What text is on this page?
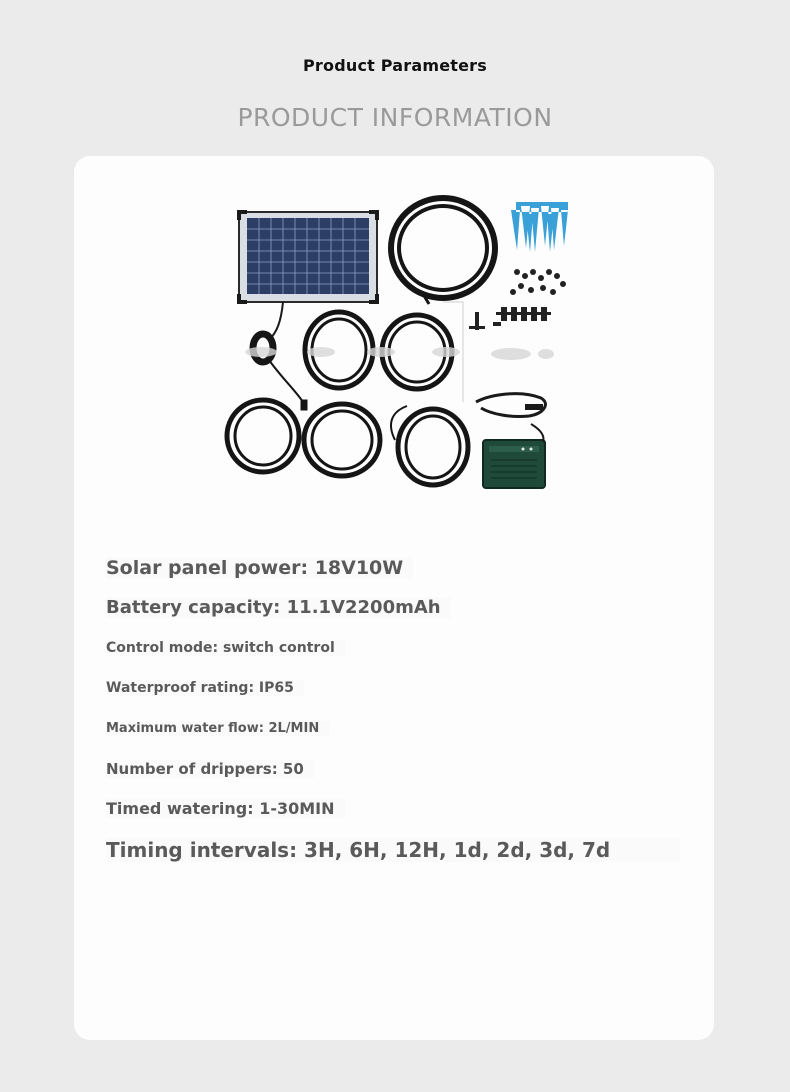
Product Parameters
PRODUCT INFORMATION
Solar panel power: 18V10W
Battery capacity: 11.1V2200mAh
Control mode: switch control
Waterproof rating: IP65
Maximum water flow: 2L/MIN
Number of drippers: 50
Timed watering: 1-30MIN
Timing intervals: 3H, 6H, 12H, 1d, 2d, 3d, 7d
